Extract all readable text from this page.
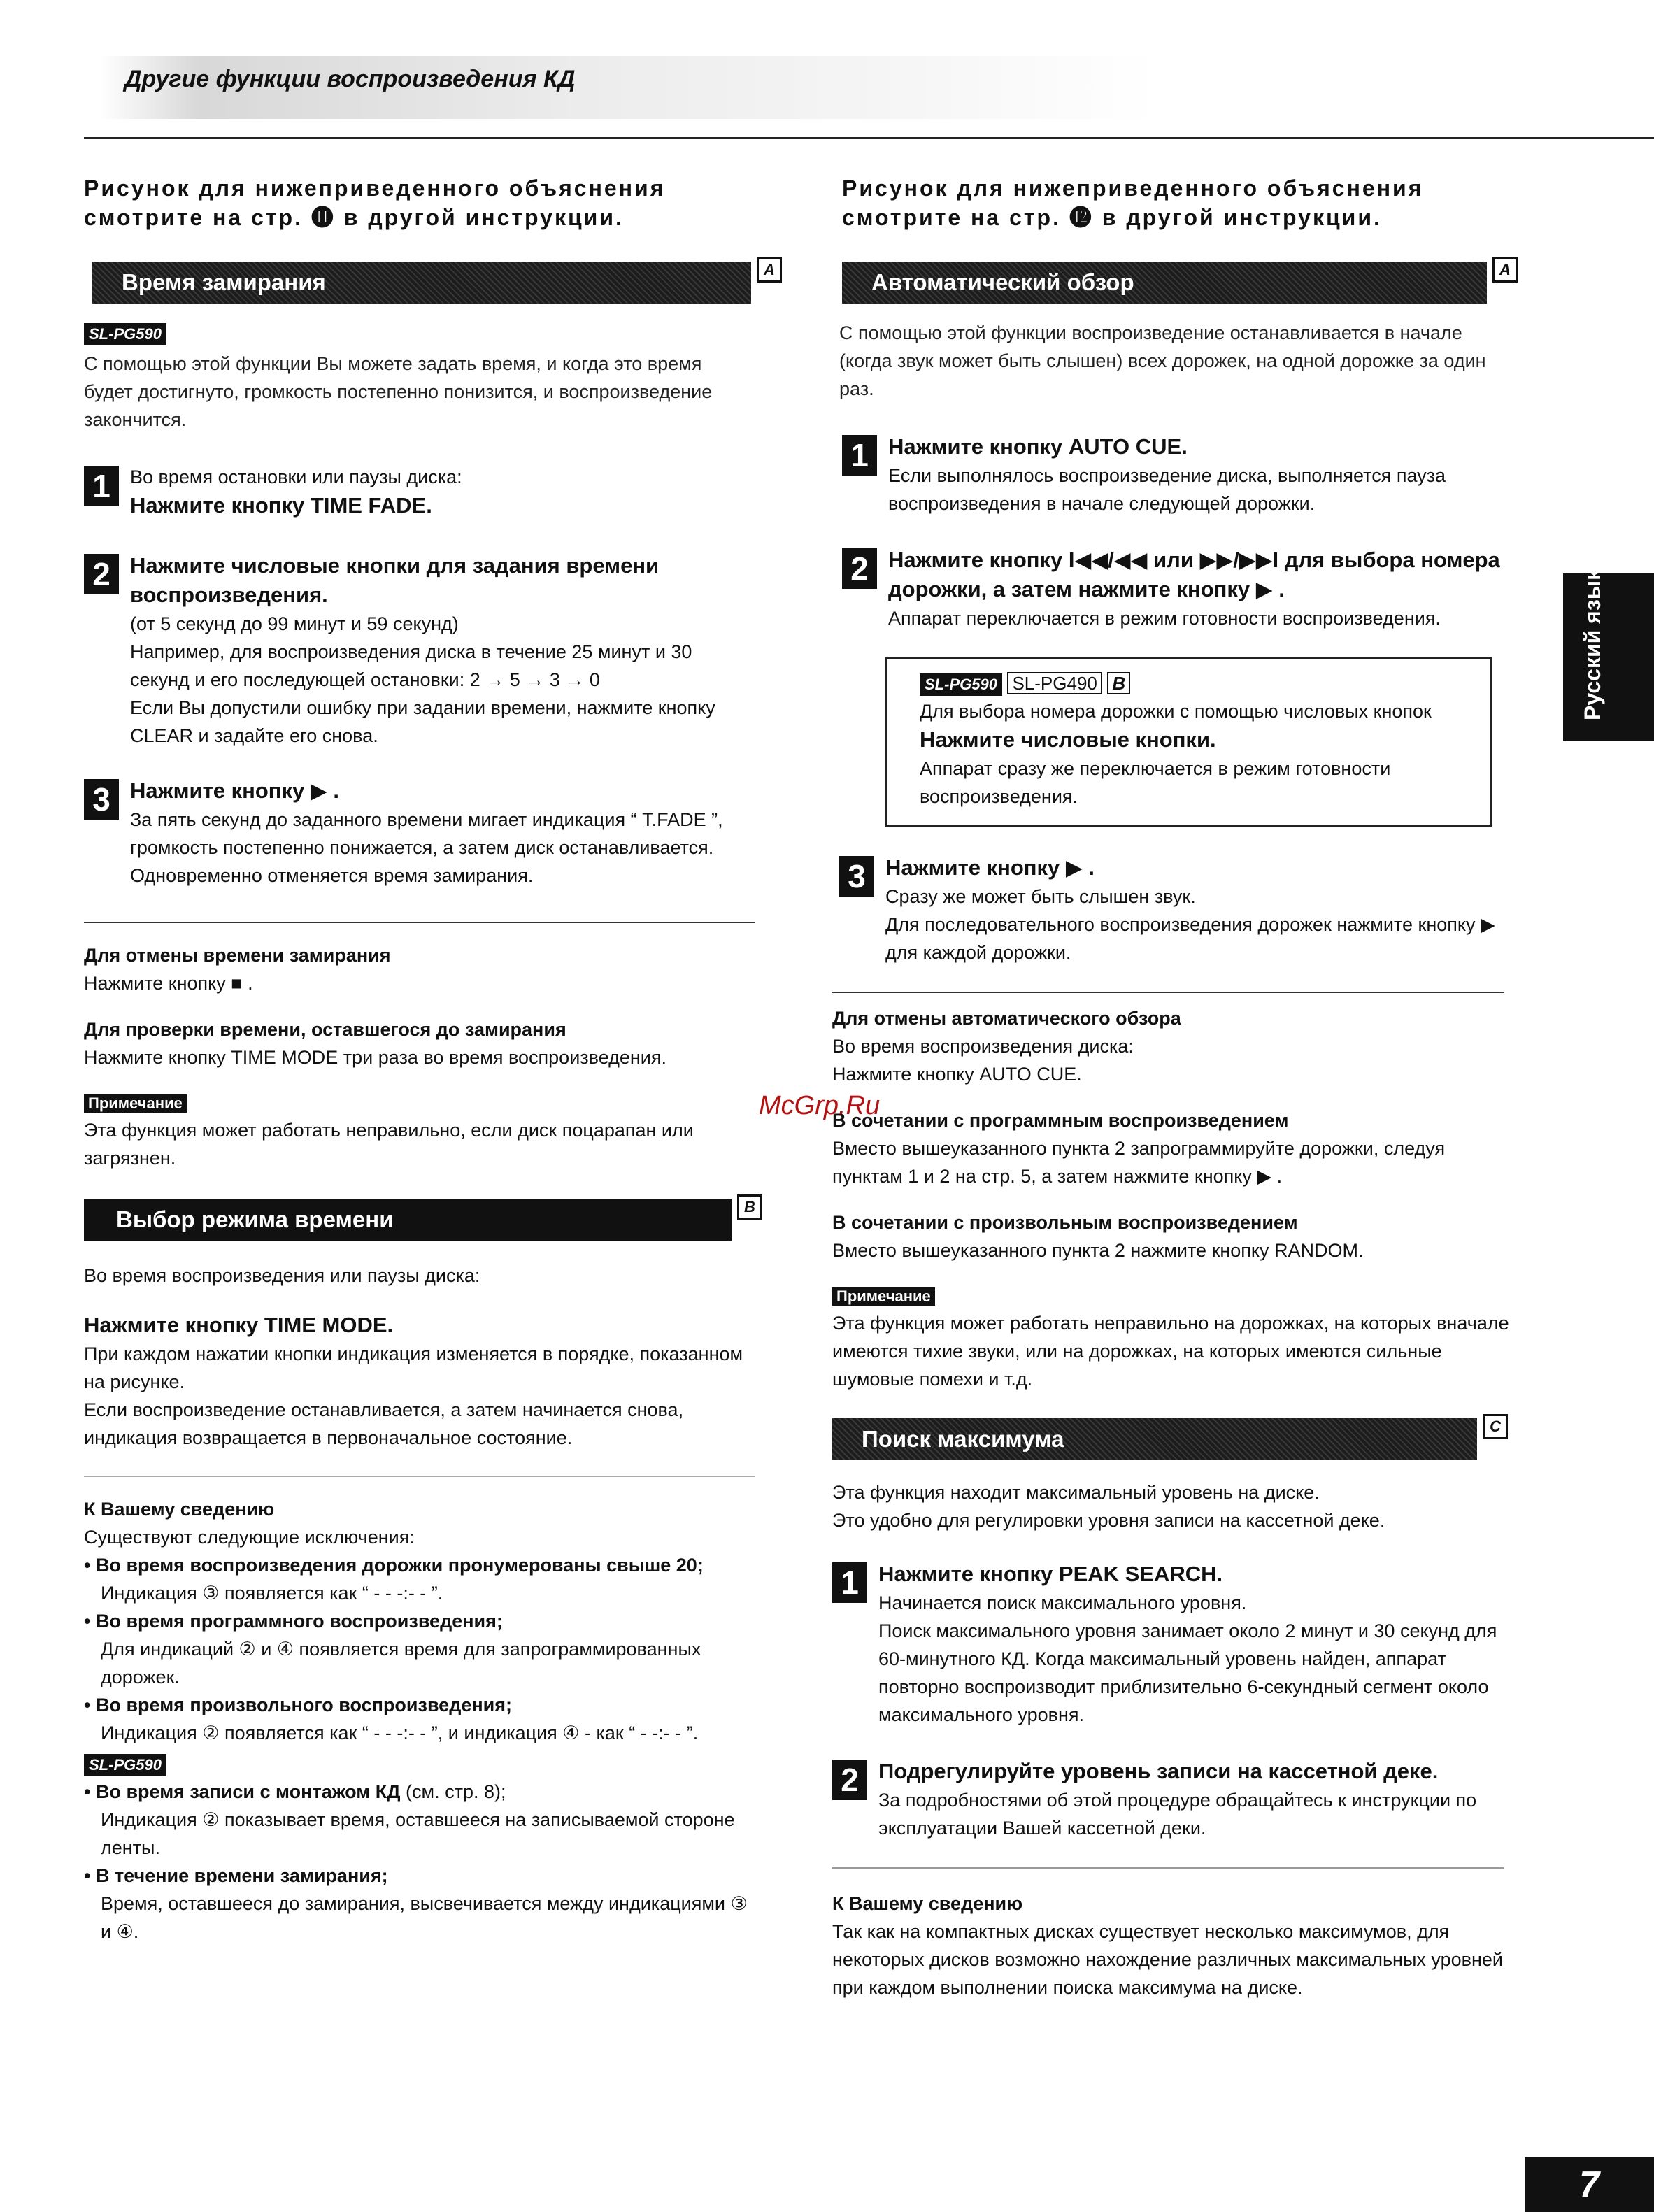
Другие функции воспроизведения КД

Рисунок для нижеприведенного объяснения

смотрите на стр. ⓫ в другой инструкции.

Время замирания	A
SL-PG590

С помощью этой функции Вы можете задать время, и когда это время будет достигнуто, громкость постепенно понизится, и воспроизведение закончится.

1	Во время остановки или паузы диска:

Нажмите кнопку TIME FADE.

2 Нажмите числовые кнопки для задания времени воспроизведения.

(от 5 секунд до 99 минут и 59 секунд)

Например, для воспроизведения диска в течение 25 минут и 30 секунд и его последующей остановки: 2 → 5 → 3 → 0

Если Вы допустили ошибку при задании времени, нажмите кнопку CLEAR и задайте его снова.

3 Нажмите кнопку ▶ .

За пять секунд до заданного времени мигает индикация “ T.FADE ”, громкость постепенно понижается, а затем диск останавливается.

Одновременно отменяется время замирания.

Для отмены времени замирания

Нажмите кнопку ■ .

Для проверки времени, оставшегося до замирания

Нажмите кнопку TIME MODE три раза во время воспроизведения.

Примечание

Эта функция может работать неправильно, если диск поцарапан или загрязнен.

Выбор режима времени	B

Во время воспроизведения или паузы диска:

Нажмите кнопку TIME MODE.

При каждом нажатии кнопки индикация изменяется в порядке, показанном на рисунке.

Если воспроизведение останавливается, а затем начинается снова, индикация возвращается в первоначальное состояние.

К Вашему сведению

Существуют следующие исключения:

• Во время воспроизведения дорожки пронумерованы свыше 20;

Индикация ③ появляется как “ - - -:- - ”.

• Во время программного воспроизведения;

Для индикаций ② и ④ появляется время для запрограммированных дорожек.

• Во время произвольного воспроизведения;

Индикация ② появляется как “ - - -:- - ”, и индикация ④ - как “ - -:- - ”.

SL-PG590

• Во время записи с монтажом КД (см. стр. 8);

Индикация ② показывает время, оставшееся на записываемой стороне ленты.

• В течение времени замирания;

Время, оставшееся до замирания, высвечивается между индикациями ③ и ④.

Рисунок для нижеприведенного объяснения

смотрите на стр. ⓬ в другой инструкции.

Автоматический обзор	A

С помощью этой функции воспроизведение останавливается в начале (когда звук может быть слышен) всех дорожек, на одной дорожке за один раз.

1 Нажмите кнопку AUTO CUE.

Если выполнялось воспроизведение диска, выполняется пауза воспроизведения в начале следующей дорожки.

2 Нажмите кнопку I◀◀/◀◀ или ▶▶/▶▶I для выбора номера дорожки, а затем нажмите кнопку ▶ .

Аппарат переключается в режим готовности воспроизведения.

SL-PG590 SL-PG490 B

Для выбора номера дорожки с помощью числовых кнопок

Нажмите числовые кнопки.

Аппарат сразу же переключается в режим готовности воспроизведения.

3 Нажмите кнопку ▶ .

Сразу же может быть слышен звук.

Для последовательного воспроизведения дорожек нажмите кнопку ▶ для каждой дорожки.

Для отмены автоматического обзора

Во время воспроизведения диска:

Нажмите кнопку AUTO CUE.

В сочетании с программным воспроизведением

Вместо вышеуказанного пункта 2 запрограммируйте дорожки, следуя пунктам 1 и 2 на стр. 5, а затем нажмите кнопку ▶ .

В сочетании с произвольным воспроизведением

Вместо вышеуказанного пункта 2 нажмите кнопку RANDOM.

Примечание

Эта функция может работать неправильно на дорожках, на которых вначале имеются тихие звуки, или на дорожках, на которых имеются сильные шумовые помехи и т.д.

Поиск максимума	C

Эта функция находит максимальный уровень на диске.

Это удобно для регулировки уровня записи на кассетной деке.

1 Нажмите кнопку PEAK SEARCH.

Начинается поиск максимального уровня.

Поиск максимального уровня занимает около 2 минут и 30 секунд для 60-минутного КД. Когда максимальный уровень найден, аппарат повторно воспроизводит приблизительно 6-секундный сегмент около максимального уровня.

2 Подрегулируйте уровень записи на кассетной деке.

За подробностями об этой процедуре обращайтесь к инструкции по эксплуатации Вашей кассетной деки.

К Вашему сведению

Так как на компактных дисках существует несколько максимумов, для некоторых дисков возможно нахождение различных максимальных уровней при каждом выполнении поиска максимума на диске.

Русский язык
McGrp.Ru
7
